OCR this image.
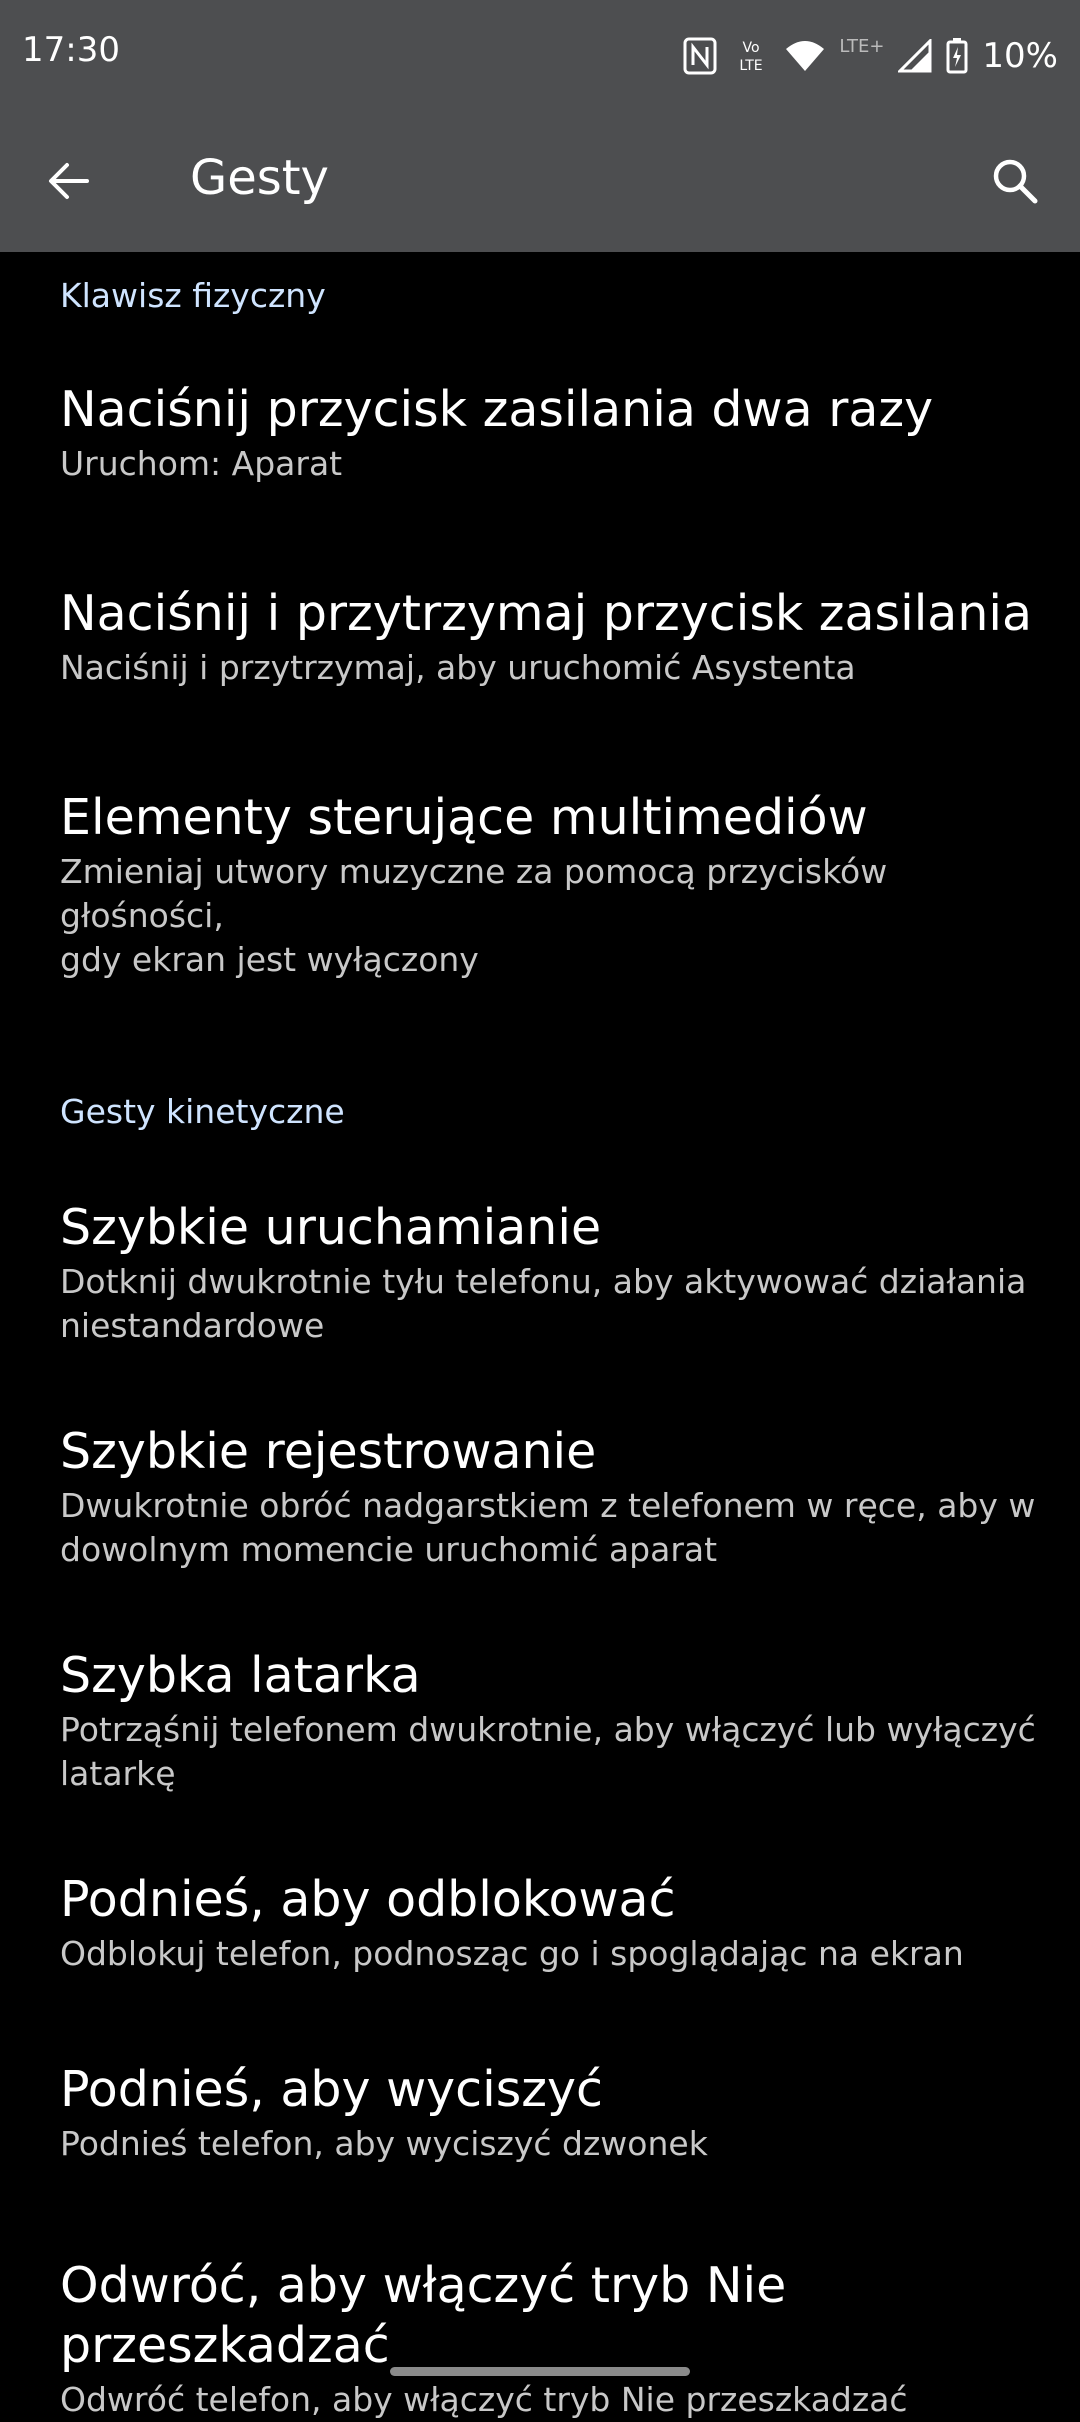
17:30	Vo
LTE
LTE+	10%
Gesty
Klawisz fizyczny
Naciśnij przycisk zasilania dwa razy
Uruchom: Aparat
Naciśnij i przytrzymaj przycisk zasilania
Naciśnij i przytrzymaj, aby uruchomić Asystenta
Elementy sterujące multimediów
Zmieniaj utwory muzyczne za pomocą przycisków głośności,
gdy ekran jest wyłączony
Gesty kinetyczne
Szybkie uruchamianie
Dotknij dwukrotnie tyłu telefonu, aby aktywować działania
niestandardowe
Szybkie rejestrowanie
Dwukrotnie obróć nadgarstkiem z telefonem w ręce, aby w
dowolnym momencie uruchomić aparat
Szybka latarka
Potrząśnij telefonem dwukrotnie, aby włączyć lub wyłączyć
latarkę
Podnieś, aby odblokować
Odblokuj telefon, podnosząc go i spoglądając na ekran
Podnieś, aby wyciszyć
Podnieś telefon, aby wyciszyć dzwonek
Odwróć, aby włączyć tryb Nie
przeszkadzać
Odwróć telefon, aby włączyć tryb Nie przeszkadzać
